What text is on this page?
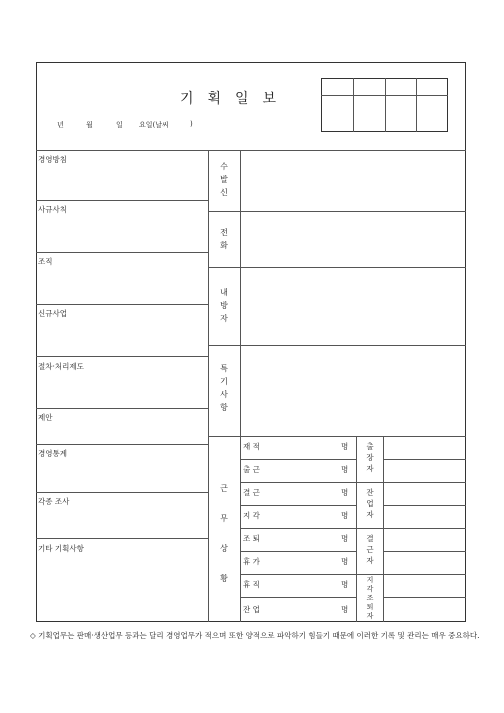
기획일보
년	월	일 요일(날씨	)
경영방침
사규사칙
조직
신규사업
절차·처리제도
제안
경영통계
각종 조사
기타 기획사항
수발신
전화
내방자
특기사항
근무상황
재 적	명
출 근	명
결 근	명
지 각	명
조 퇴	명
휴 가	명
휴 직	명
잔 업	명
출장자
잔업자
결근자
지각조퇴자
◇ 기획업무는 판매·생산업무 등과는 달리 경영업무가 적으며 또한 양적으로 파악하기 힘들기 때문에 이러한 기록 및 관리는 매우 중요하다.
